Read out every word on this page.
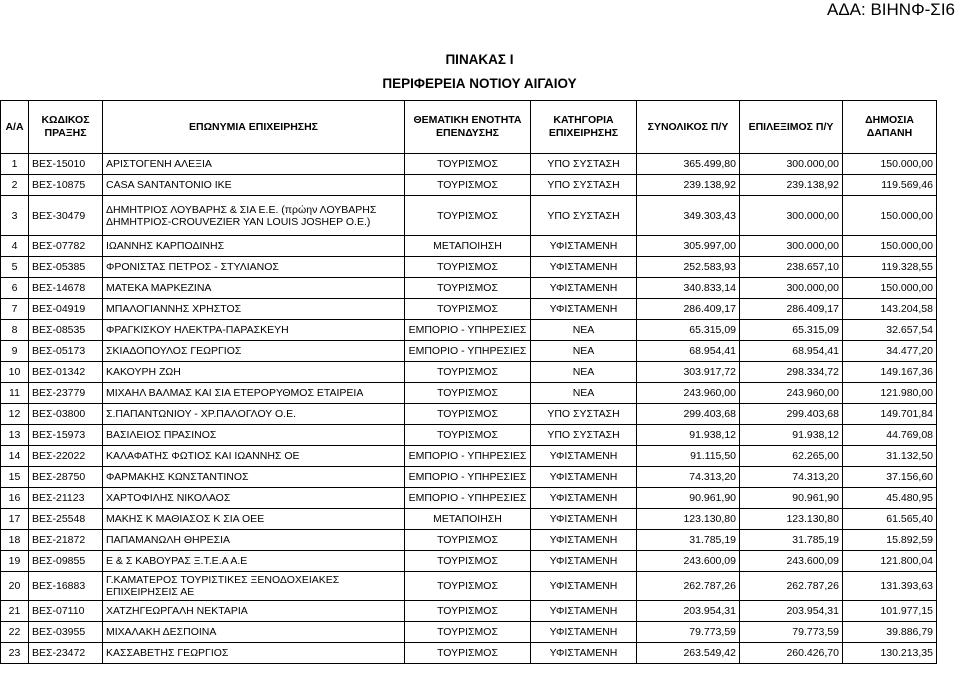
ΑΔΑ: ΒΙΗΝΦ-ΣΙ6
ΠΙΝΑΚΑΣ Ι
ΠΕΡΙΦΕΡΕΙΑ ΝΟΤΙΟΥ ΑΙΓΑΙΟΥ
Α/Α	ΚΩΔΙΚΟΣ ΠΡΑΞΗΣ	ΕΠΩΝΥΜΙΑ ΕΠΙΧΕΙΡΗΣΗΣ	ΘΕΜΑΤΙΚΗ ΕΝΟΤΗΤΑ ΕΠΕΝΔΥΣΗΣ	ΚΑΤΗΓΟΡΙΑ ΕΠΙΧΕΙΡΗΣΗΣ	ΣΥΝΟΛΙΚΟΣ Π/Υ	ΕΠΙΛΕΞΙΜΟΣ Π/Υ	ΔΗΜΟΣΙΑ ΔΑΠΑΝΗ
1	ΒΕΣ-15010	ΑΡΙΣΤΟΓΕΝΗ ΑΛΕΞΙΑ	ΤΟΥΡΙΣΜΟΣ	ΥΠΟ ΣΥΣΤΑΣΗ	365.499,80	300.000,00	150.000,00
2	ΒΕΣ-10875	CASA SANTANTONIO ΙΚΕ	ΤΟΥΡΙΣΜΟΣ	ΥΠΟ ΣΥΣΤΑΣΗ	239.138,92	239.138,92	119.569,46
3	ΒΕΣ-30479	ΔΗΜΗΤΡΙΟΣ ΛΟΥΒΑΡΗΣ & ΣΙΑ Ε.Ε. (πρώην ΛΟΥΒΑΡΗΣ ΔΗΜΗΤΡΙΟΣ-CROUVEZIER YAN LOUIS JOSHEP O.E.)	ΤΟΥΡΙΣΜΟΣ	ΥΠΟ ΣΥΣΤΑΣΗ	349.303,43	300.000,00	150.000,00
4	ΒΕΣ-07782	ΙΩΑΝΝΗΣ ΚΑΡΠΟΔΙΝΗΣ	ΜΕΤΑΠΟΙΗΣΗ	ΥΦΙΣΤΑΜΕΝΗ	305.997,00	300.000,00	150.000,00
5	ΒΕΣ-05385	ΦΡΟΝΙΣΤΑΣ ΠΕΤΡΟΣ - ΣΤΥΛΙΑΝΟΣ	ΤΟΥΡΙΣΜΟΣ	ΥΦΙΣΤΑΜΕΝΗ	252.583,93	238.657,10	119.328,55
6	ΒΕΣ-14678	ΜΑΤΕΚΑ ΜΑΡΚΕΖΙΝΑ	ΤΟΥΡΙΣΜΟΣ	ΥΦΙΣΤΑΜΕΝΗ	340.833,14	300.000,00	150.000,00
7	ΒΕΣ-04919	ΜΠΑΛΟΓΙΑΝΝΗΣ ΧΡΗΣΤΟΣ	ΤΟΥΡΙΣΜΟΣ	ΥΦΙΣΤΑΜΕΝΗ	286.409,17	286.409,17	143.204,58
8	ΒΕΣ-08535	ΦΡΑΓΚΙΣΚΟΥ ΗΛΕΚΤΡΑ-ΠΑΡΑΣΚΕΥΗ	ΕΜΠΟΡΙΟ - ΥΠΗΡΕΣΙΕΣ	ΝΕΑ	65.315,09	65.315,09	32.657,54
9	ΒΕΣ-05173	ΣΚΙΑΔΟΠΟΥΛΟΣ ΓΕΩΡΓΙΟΣ	ΕΜΠΟΡΙΟ - ΥΠΗΡΕΣΙΕΣ	ΝΕΑ	68.954,41	68.954,41	34.477,20
10	ΒΕΣ-01342	ΚΑΚΟΥΡΗ ΖΩΗ	ΤΟΥΡΙΣΜΟΣ	ΝΕΑ	303.917,72	298.334,72	149.167,36
11	ΒΕΣ-23779	ΜΙΧΑΗΛ ΒΑΛΜΑΣ ΚΑΙ ΣΙΑ ΕΤΕΡΟΡΥΘΜΟΣ ΕΤΑΙΡΕΙΑ	ΤΟΥΡΙΣΜΟΣ	ΝΕΑ	243.960,00	243.960,00	121.980,00
12	ΒΕΣ-03800	Σ.ΠΑΠΑΝΤΩΝΙΟΥ - ΧΡ.ΠΑΛΟΓΛΟΥ Ο.Ε.	ΤΟΥΡΙΣΜΟΣ	ΥΠΟ ΣΥΣΤΑΣΗ	299.403,68	299.403,68	149.701,84
13	ΒΕΣ-15973	ΒΑΣΙΛΕΙΟΣ ΠΡΑΣΙΝΟΣ	ΤΟΥΡΙΣΜΟΣ	ΥΠΟ ΣΥΣΤΑΣΗ	91.938,12	91.938,12	44.769,08
14	ΒΕΣ-22022	ΚΑΛΑΦΑΤΗΣ ΦΩΤΙΟΣ ΚΑΙ ΙΩΑΝΝΗΣ ΟΕ	ΕΜΠΟΡΙΟ - ΥΠΗΡΕΣΙΕΣ	ΥΦΙΣΤΑΜΕΝΗ	91.115,50	62.265,00	31.132,50
15	ΒΕΣ-28750	ΦΑΡΜΑΚΗΣ ΚΩΝΣΤΑΝΤΙΝΟΣ	ΕΜΠΟΡΙΟ - ΥΠΗΡΕΣΙΕΣ	ΥΦΙΣΤΑΜΕΝΗ	74.313,20	74.313,20	37.156,60
16	ΒΕΣ-21123	ΧΑΡΤΟΦΙΛΗΣ ΝΙΚΟΛΑΟΣ	ΕΜΠΟΡΙΟ - ΥΠΗΡΕΣΙΕΣ	ΥΦΙΣΤΑΜΕΝΗ	90.961,90	90.961,90	45.480,95
17	ΒΕΣ-25548	ΜΑΚΗΣ Κ ΜΑΘΙΑΣΟΣ Κ ΣΙΑ ΟΕΕ	ΜΕΤΑΠΟΙΗΣΗ	ΥΦΙΣΤΑΜΕΝΗ	123.130,80	123.130,80	61.565,40
18	ΒΕΣ-21872	ΠΑΠΑΜΑΝΩΛΗ ΘΗΡΕΣΙΑ	ΤΟΥΡΙΣΜΟΣ	ΥΦΙΣΤΑΜΕΝΗ	31.785,19	31.785,19	15.892,59
19	ΒΕΣ-09855	Ε & Σ ΚΑΒΟΥΡΑΣ Ξ.Τ.Ε.Α Α.Ε	ΤΟΥΡΙΣΜΟΣ	ΥΦΙΣΤΑΜΕΝΗ	243.600,09	243.600,09	121.800,04
20	ΒΕΣ-16883	Γ.ΚΑΜΑΤΕΡΟΣ ΤΟΥΡΙΣΤΙΚΕΣ ΞΕΝΟΔΟΧΕΙΑΚΕΣ ΕΠΙΧΕΙΡΗΣΕΙΣ ΑΕ	ΤΟΥΡΙΣΜΟΣ	ΥΦΙΣΤΑΜΕΝΗ	262.787,26	262.787,26	131.393,63
21	ΒΕΣ-07110	ΧΑΤΖΗΓΕΩΡΓΑΛΗ ΝΕΚΤΑΡΙΑ	ΤΟΥΡΙΣΜΟΣ	ΥΦΙΣΤΑΜΕΝΗ	203.954,31	203.954,31	101.977,15
22	ΒΕΣ-03955	ΜΙΧΑΛΑΚΗ ΔΕΣΠΟΙΝΑ	ΤΟΥΡΙΣΜΟΣ	ΥΦΙΣΤΑΜΕΝΗ	79.773,59	79.773,59	39.886,79
23	ΒΕΣ-23472	ΚΑΣΣΑΒΕΤΗΣ ΓΕΩΡΓΙΟΣ	ΤΟΥΡΙΣΜΟΣ	ΥΦΙΣΤΑΜΕΝΗ	263.549,42	260.426,70	130.213,35
